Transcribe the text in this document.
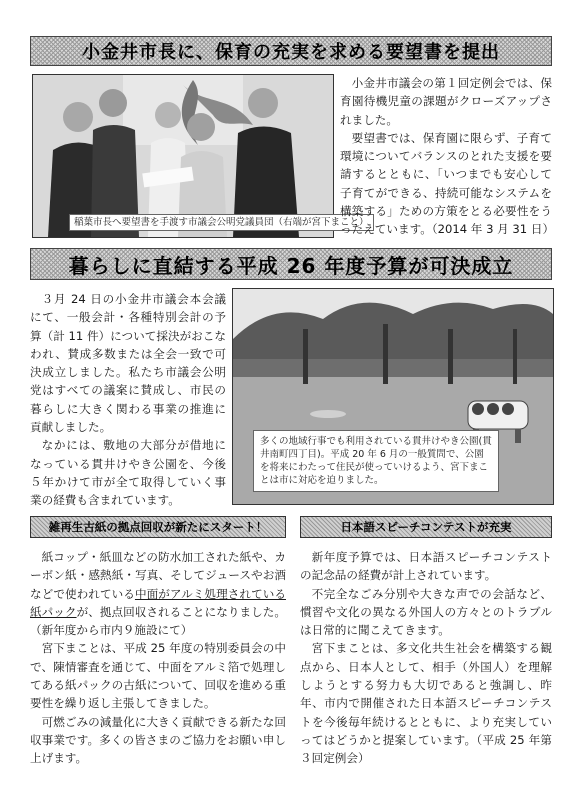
小金井市長に、保育の充実を求める要望書を提出
稲葉市長へ要望書を手渡す市議会公明党議員団（右端が宮下まこと）

小金井市議会の第１回定例会では、保育園待機児童の課題がクローズアップされました。

要望書では、保育園に限らず、子育て環境についてバランスのとれた支援を要請するとともに、「いつまでも安心して子育てができる、持続可能なシステムを構築する」ための方策をとる必要性をうったえています。（2014 年 3 月 31 日）

暮らしに直結する平成 26 年度予算が可決成立

３月 24 日の小金井市議会本会議にて、一般会計・各種特別会計の予算（計 11 件）について採決がおこなわれ、賛成多数または全会一致で可決成立しました。私たち市議会公明党はすべての議案に賛成し、市民の暮らしに大きく関わる事業の推進に貢献しました。

なかには、敷地の大部分が借地になっている貫井けやき公園を、今後５年かけて市が全て取得していく事業の経費も含まれています。

多くの地域行事でも利用されている貫井けやき公園(貫井南町四丁目)。平成 20 年 6 月の一般質問で、公園を将来にわたって住民が使っていけるよう、宮下まことは市に対応を迫りました。
雑再生古紙の拠点回収が新たにスタート！

紙コップ・紙皿などの防水加工された紙や、カーボン紙・感熱紙・写真、そしてジュースやお酒などで使われている中面がアルミ処理されている紙パックが、拠点回収されることになりました。（新年度から市内９施設にて）

宮下まことは、平成 25 年度の特別委員会の中で、陳情審査を通じて、中面をアルミ箔で処理してある紙パックの古紙について、回収を進める重要性を繰り返し主張してきました。

可燃ごみの減量化に大きく貢献できる新たな回収事業です。多くの皆さまのご協力をお願い申し上げます。

日本語スピーチコンテストが充実

新年度予算では、日本語スピーチコンテストの記念品の経費が計上されています。

不完全なごみ分別や大きな声での会話など、慣習や文化の異なる外国人の方々とのトラブルは日常的に聞こえてきます。

宮下まことは、多文化共生社会を構築する観点から、日本人として、相手（外国人）を理解しようとする努力も大切であると強調し、昨年、市内で開催された日本語スピーチコンテストを今後毎年続けるとともに、より充実していってはどうかと提案しています。（平成 25 年第３回定例会）
